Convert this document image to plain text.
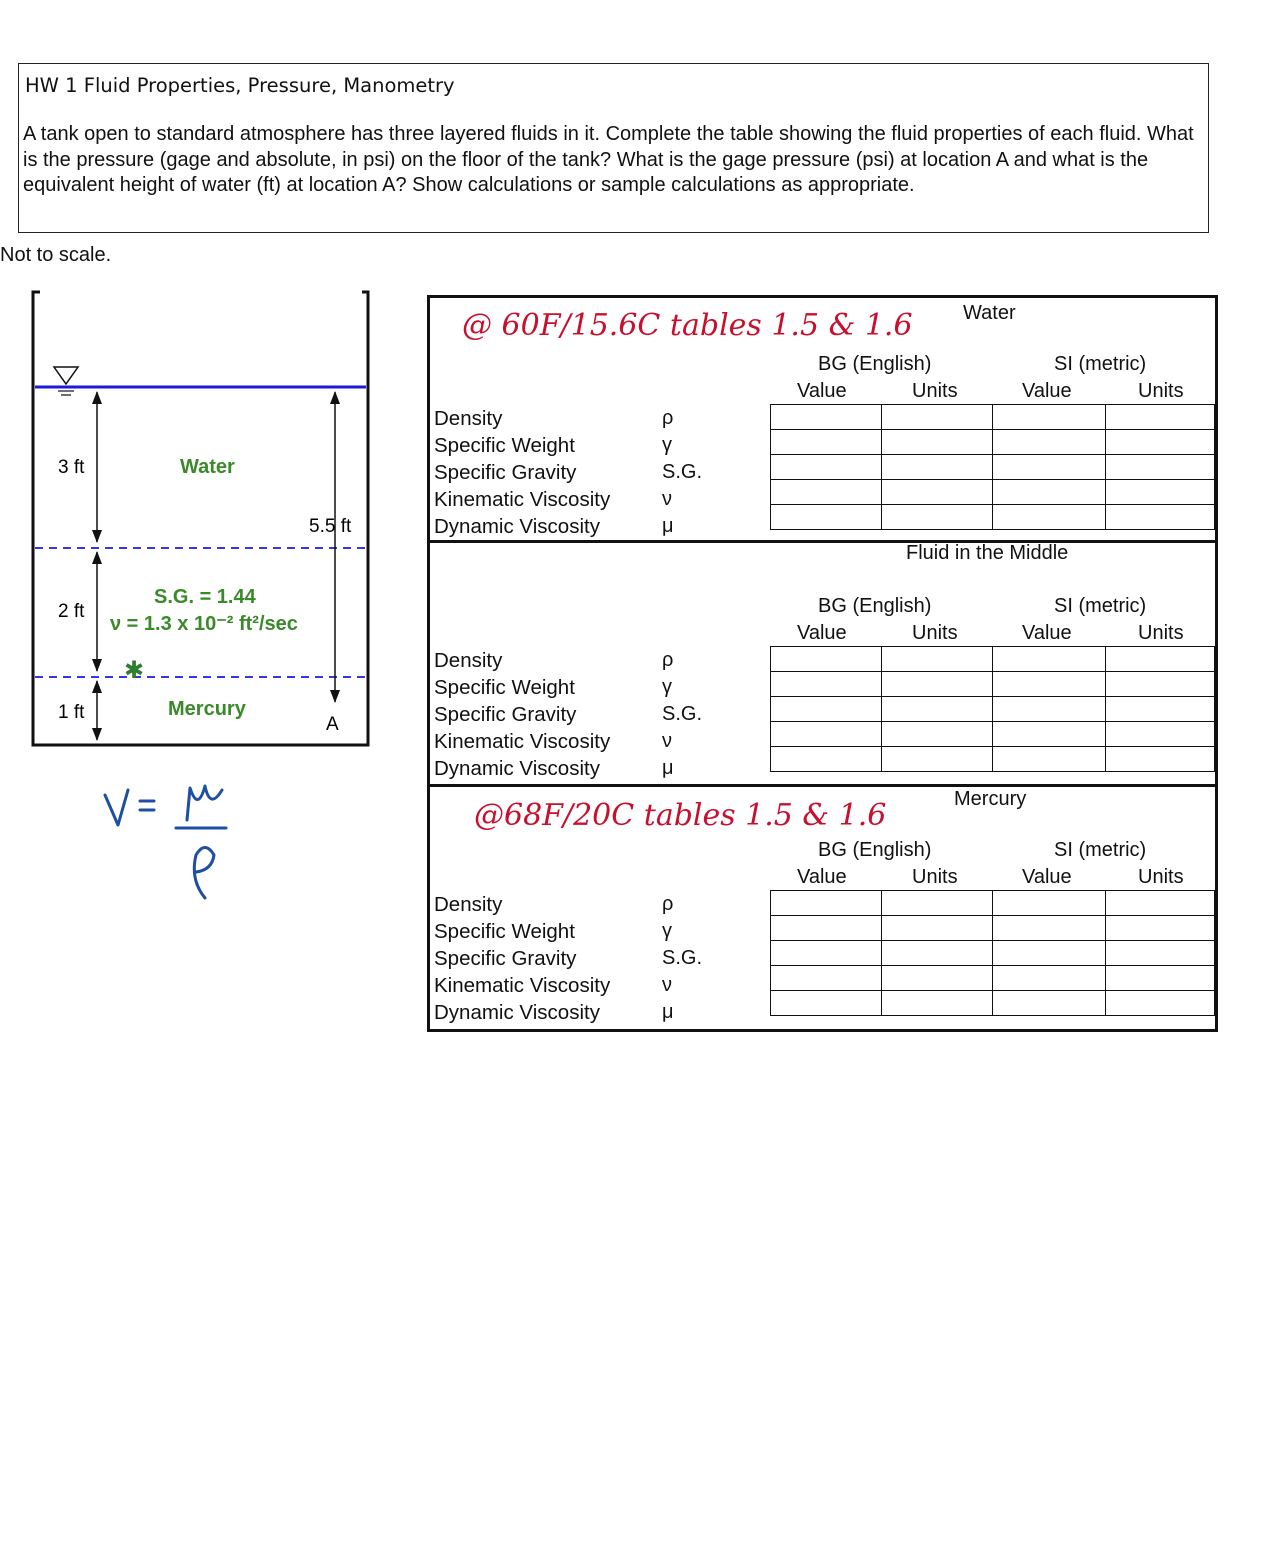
HW 1 Fluid Properties, Pressure, Manometry
A tank open to standard atmosphere has three layered fluids in it. Complete the table showing the fluid properties of each fluid. What is the pressure (gage and absolute, in psi) on the floor of the tank? What is the gage pressure (psi) at location A and what is the equivalent height of water (ft) at location A? Show calculations or sample calculations as appropriate.
Not to scale.
3 ft	Water
5.5 ft
2 ft
S.G. = 1.44
ν = 1.3 x 10⁻² ft²/sec
✱
1 ft	Mercury
A
Water
@ 60F/15.6C tables 1.5 & 1.6
BG (English)	SI (metric)
Value	Units	Value	Units
Density	ρ
Specific Weight	γ
Specific Gravity	S.G.
Kinematic Viscosity	ν
Dynamic Viscosity	μ

Fluid in the Middle
BG (English)	SI (metric)
Value	Units	Value	Units
Density	ρ
Specific Weight	γ
Specific Gravity	S.G.
Kinematic Viscosity	ν
Dynamic Viscosity	μ

Mercury
@68F/20C tables 1.5 & 1.6
BG (English)	SI (metric)
Value	Units	Value	Units
Density	ρ
Specific Weight	γ
Specific Gravity	S.G.
Kinematic Viscosity	ν
Dynamic Viscosity	μ
